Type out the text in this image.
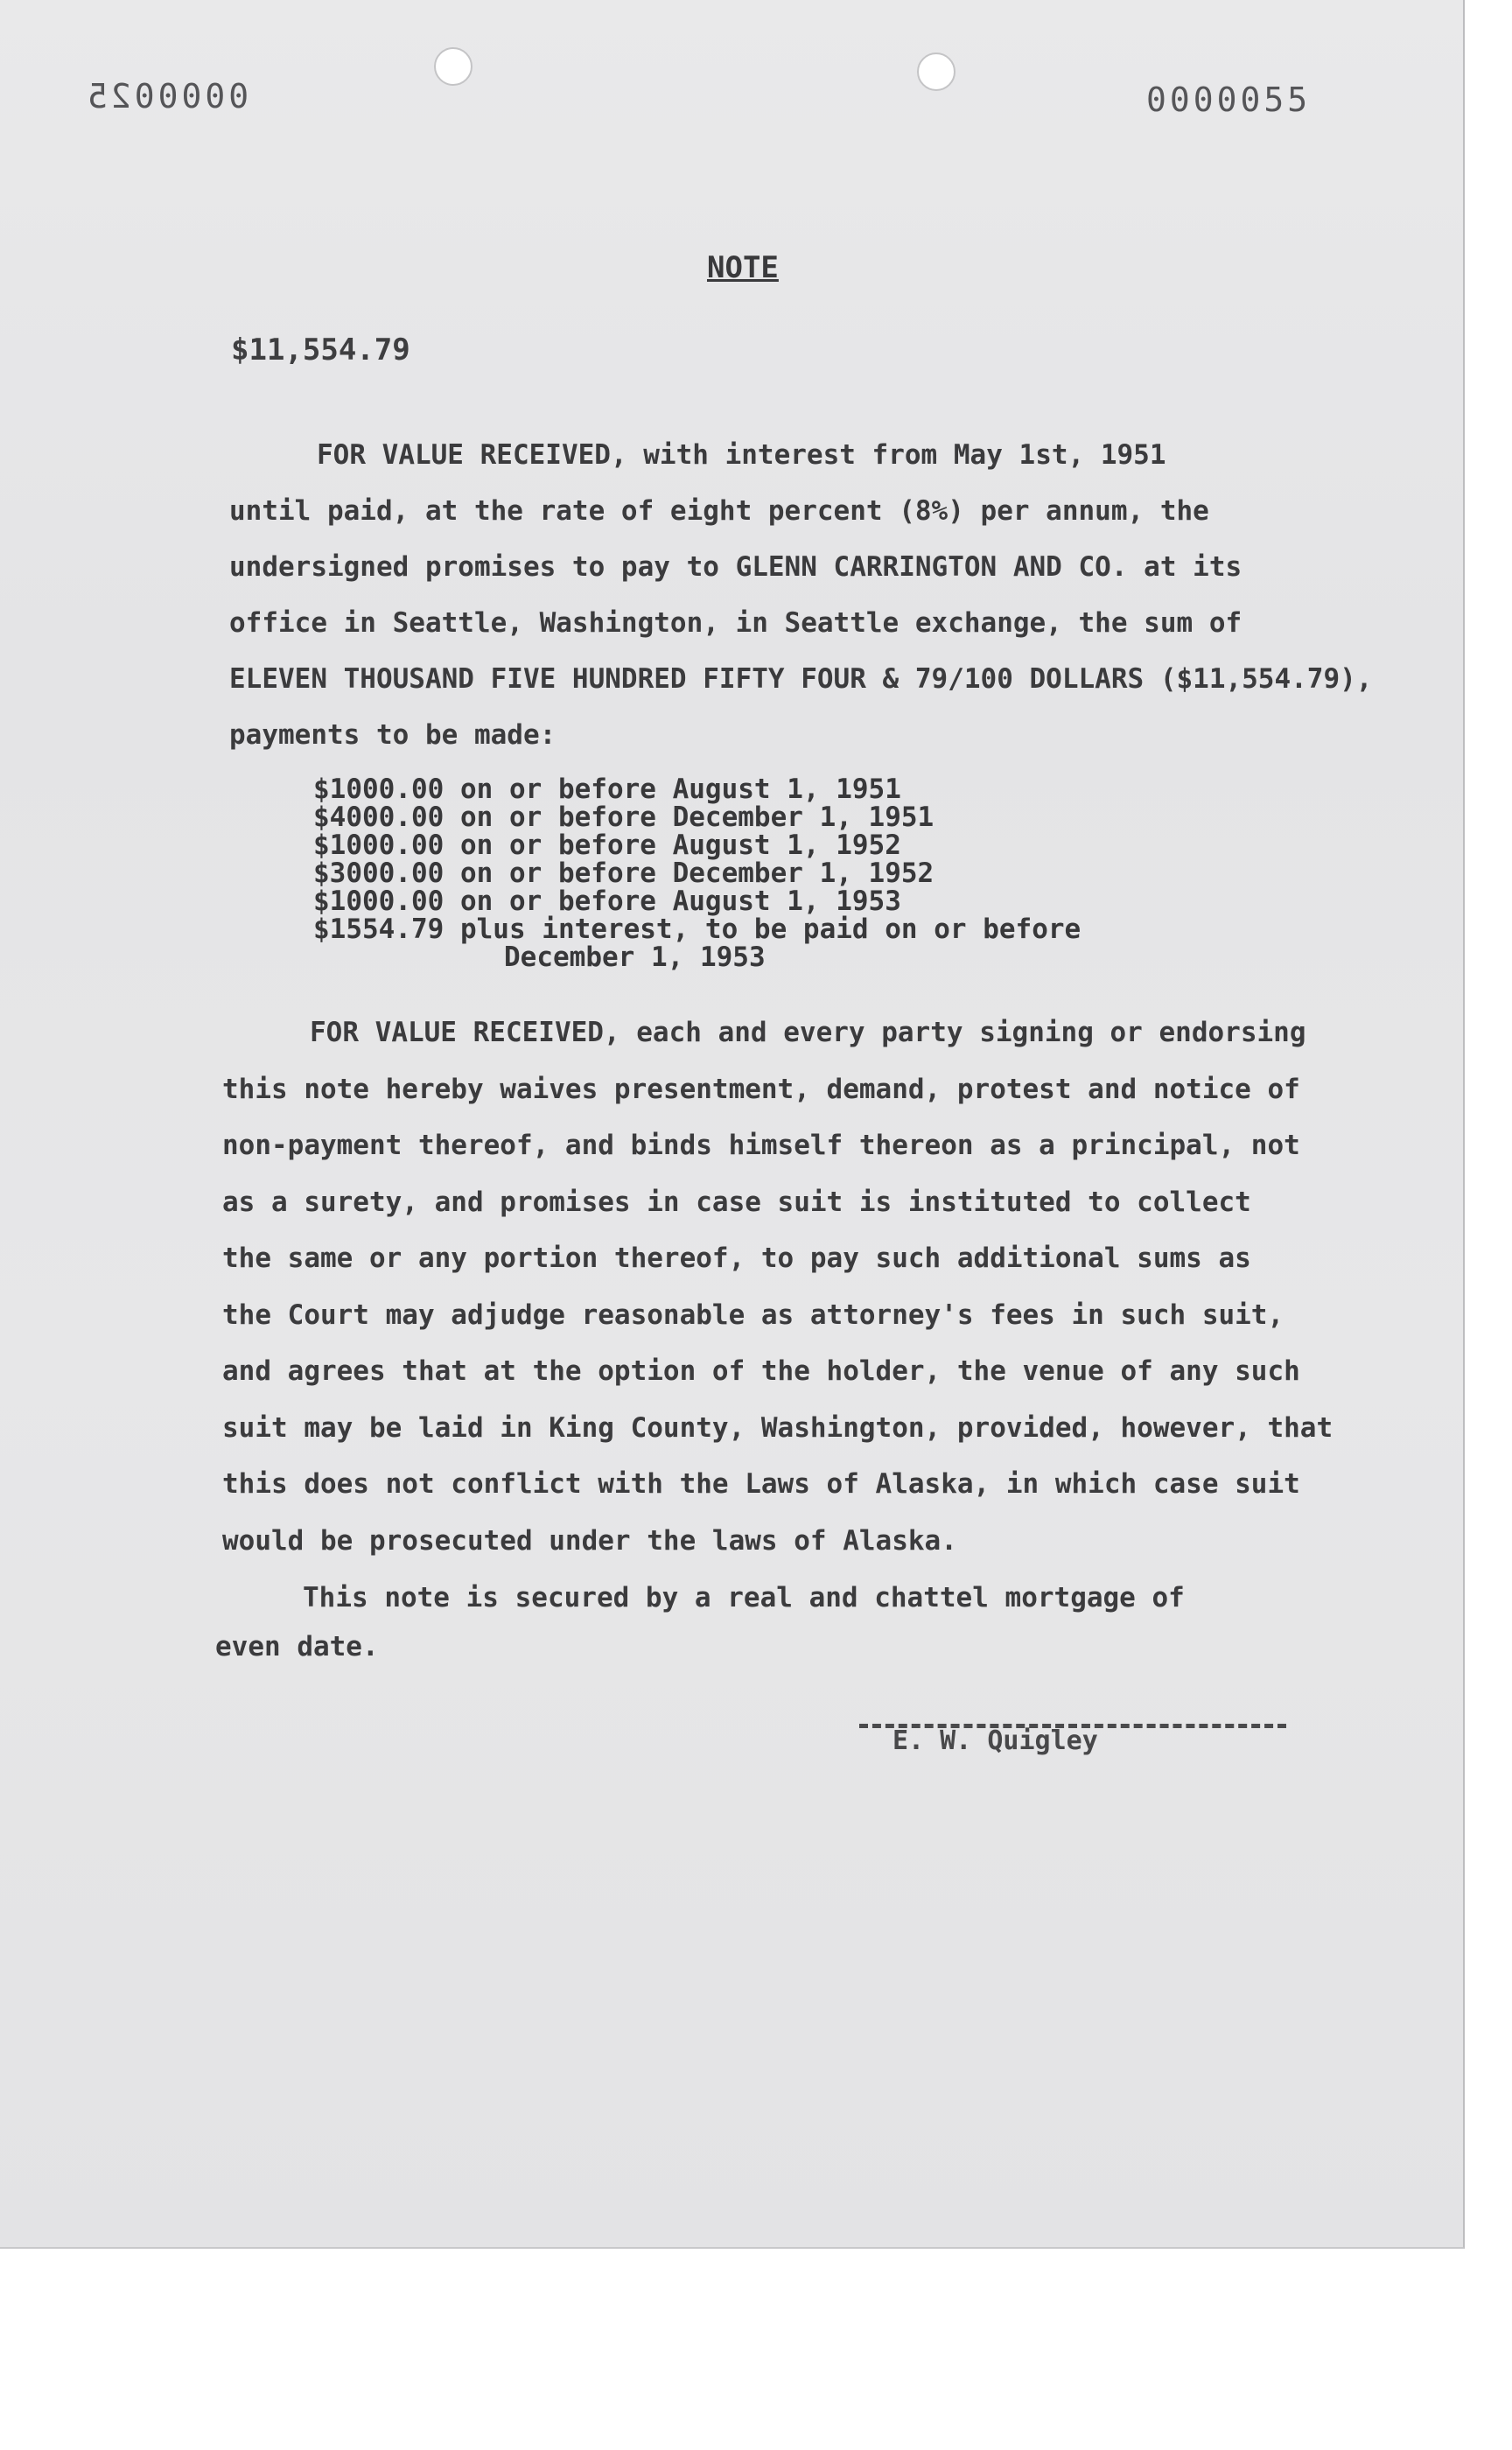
0000025	0000055
NOTE
$11,554.79
FOR VALUE RECEIVED, with interest from May 1st, 1951
until paid, at the rate of eight percent (8%) per annum, the
undersigned promises to pay to GLENN CARRINGTON AND CO. at its
office in Seattle, Washington, in Seattle exchange, the sum of
ELEVEN THOUSAND FIVE HUNDRED FIFTY FOUR & 79/100 DOLLARS ($11,554.79),
payments to be made:
$1000.00 on or before August 1, 1951
$4000.00 on or before December 1, 1951
$1000.00 on or before August 1, 1952
$3000.00 on or before December 1, 1952
$1000.00 on or before August 1, 1953
$1554.79 plus interest, to be paid on or before
December 1, 1953
FOR VALUE RECEIVED, each and every party signing or endorsing
this note hereby waives presentment, demand, protest and notice of
non-payment thereof, and binds himself thereon as a principal, not
as a surety, and promises in case suit is instituted to collect
the same or any portion thereof, to pay such additional sums as
the Court may adjudge reasonable as attorney's fees in such suit,
and agrees that at the option of the holder, the venue of any such
suit may be laid in King County, Washington, provided, however, that
this does not conflict with the Laws of Alaska, in which case suit
would be prosecuted under the laws of Alaska.
This note is secured by a real and chattel mortgage of
even date.
E. W. Quigley
